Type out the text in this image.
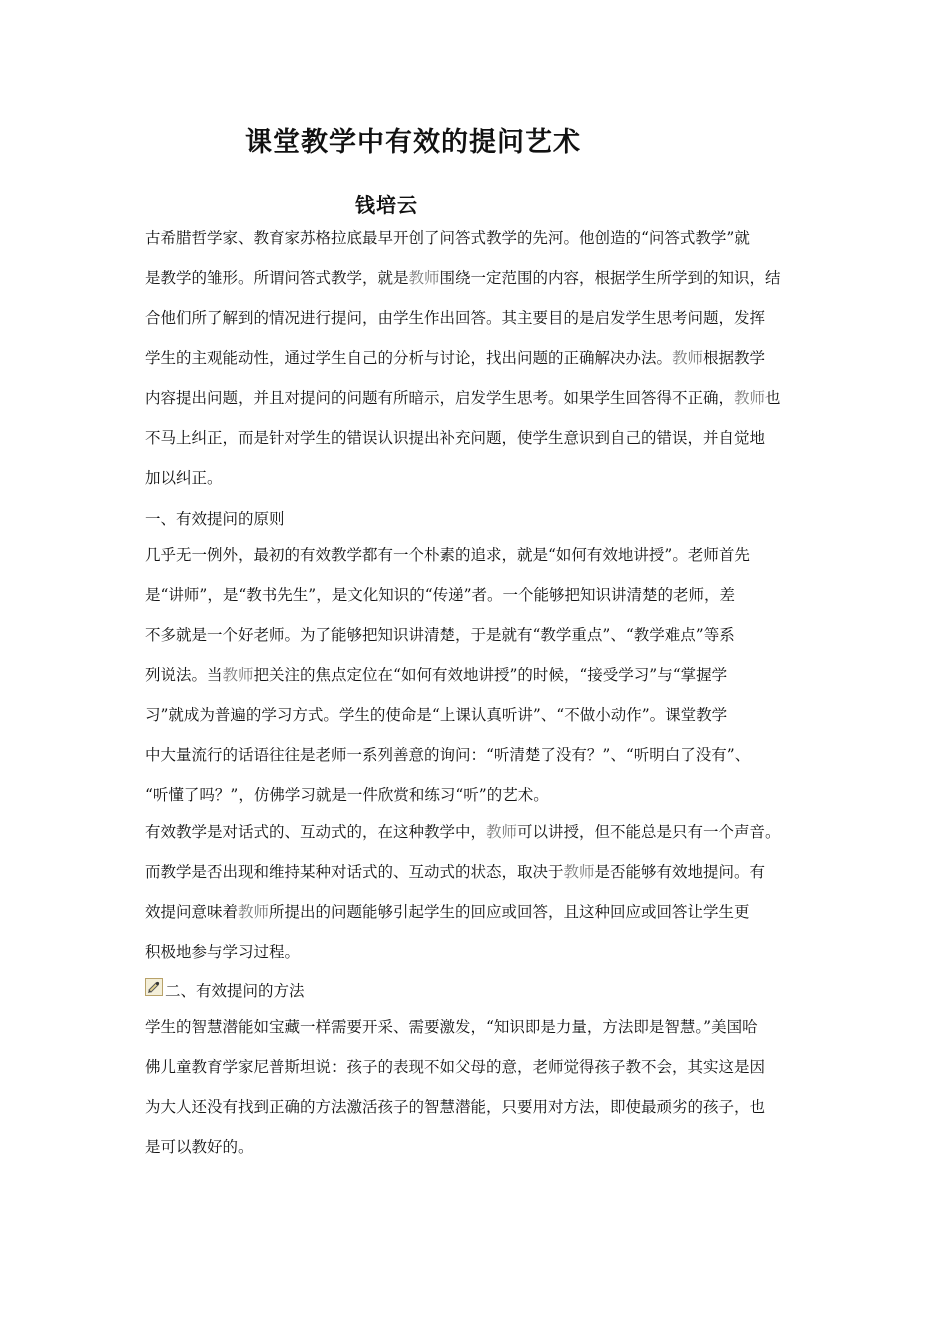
课堂教学中有效的提问艺术
钱培云
古希腊哲学家、教育家苏格拉底最早开创了问答式教学的先河。他创造的“问答式教学”就
是教学的雏形。所谓问答式教学，就是教师围绕一定范围的内容，根据学生所学到的知识，结
合他们所了解到的情况进行提问，由学生作出回答。其主要目的是启发学生思考问题，发挥
学生的主观能动性，通过学生自己的分析与讨论，找出问题的正确解决办法。教师根据教学
内容提出问题，并且对提问的问题有所暗示，启发学生思考。如果学生回答得不正确，教师也
不马上纠正，而是针对学生的错误认识提出补充问题，使学生意识到自己的错误，并自觉地
加以纠正。
一、有效提问的原则
几乎无一例外，最初的有效教学都有一个朴素的追求，就是“如何有效地讲授”。老师首先
是“讲师”，是“教书先生”，是文化知识的“传递”者。一个能够把知识讲清楚的老师，差
不多就是一个好老师。为了能够把知识讲清楚，于是就有“教学重点”、“教学难点”等系
列说法。当教师把关注的焦点定位在“如何有效地讲授”的时候，“接受学习”与“掌握学
习”就成为普遍的学习方式。学生的使命是“上课认真听讲”、“不做小动作”。课堂教学
中大量流行的话语往往是老师一系列善意的询问：“听清楚了没有？”、“听明白了没有”、
“听懂了吗？”，仿佛学习就是一件欣赏和练习“听”的艺术。
有效教学是对话式的、互动式的，在这种教学中，教师可以讲授，但不能总是只有一个声音。
而教学是否出现和维持某种对话式的、互动式的状态，取决于教师是否能够有效地提问。有
效提问意味着教师所提出的问题能够引起学生的回应或回答，且这种回应或回答让学生更
积极地参与学习过程。
二、有效提问的方法
学生的智慧潜能如宝藏一样需要开采、需要激发，“知识即是力量，方法即是智慧。”美国哈
佛儿童教育学家尼普斯坦说：孩子的表现不如父母的意，老师觉得孩子教不会，其实这是因
为大人还没有找到正确的方法激活孩子的智慧潜能，只要用对方法，即使最顽劣的孩子，也
是可以教好的。
